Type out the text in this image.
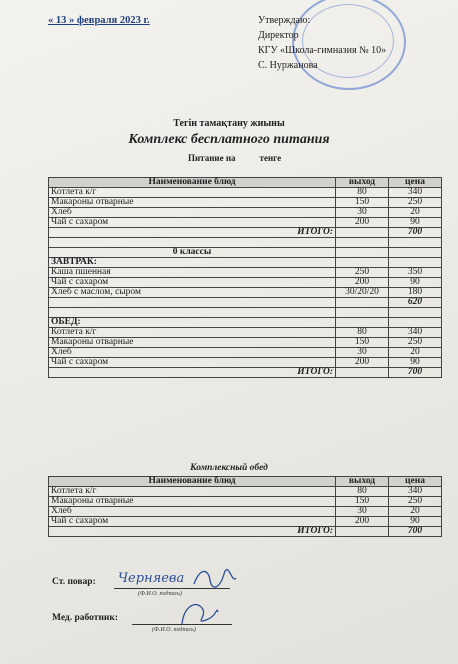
« 13 » февраля 2023 г.	Утверждаю:
Директор
КГУ «Школа-гимназия № 10»
С. Нуржанова
Тегін тамақтану жиыны
Комплекс бесплатного питания
Питание на	тенге
Наименование блюд	выход	цена
Котлета к/г	80	340
Макароны отварные	150	250
Хлеб	30	20
Чай с сахаром	200	90
ИТОГО:		700

0 классы		
ЗАВТРАК:		
Каша пшенная	250	350
Чай с сахаром	200	90
Хлеб с маслом, сыром	30/20/20	180
		620

ОБЕД:		
Котлета к/г	80	340
Макароны отварные	150	250
Хлеб	30	20
Чай с сахаром	200	90
ИТОГО:		700
Комплексный обед
Наименование блюд	выход	цена
Котлета к/г	80	340
Макароны отварные	150	250
Хлеб	30	20
Чай с сахаром	200	90
ИТОГО:		700
Ст. повар: Черняева
(Ф.И.О. подпись)
Мед. работник:
(Ф.И.О. подпись)
